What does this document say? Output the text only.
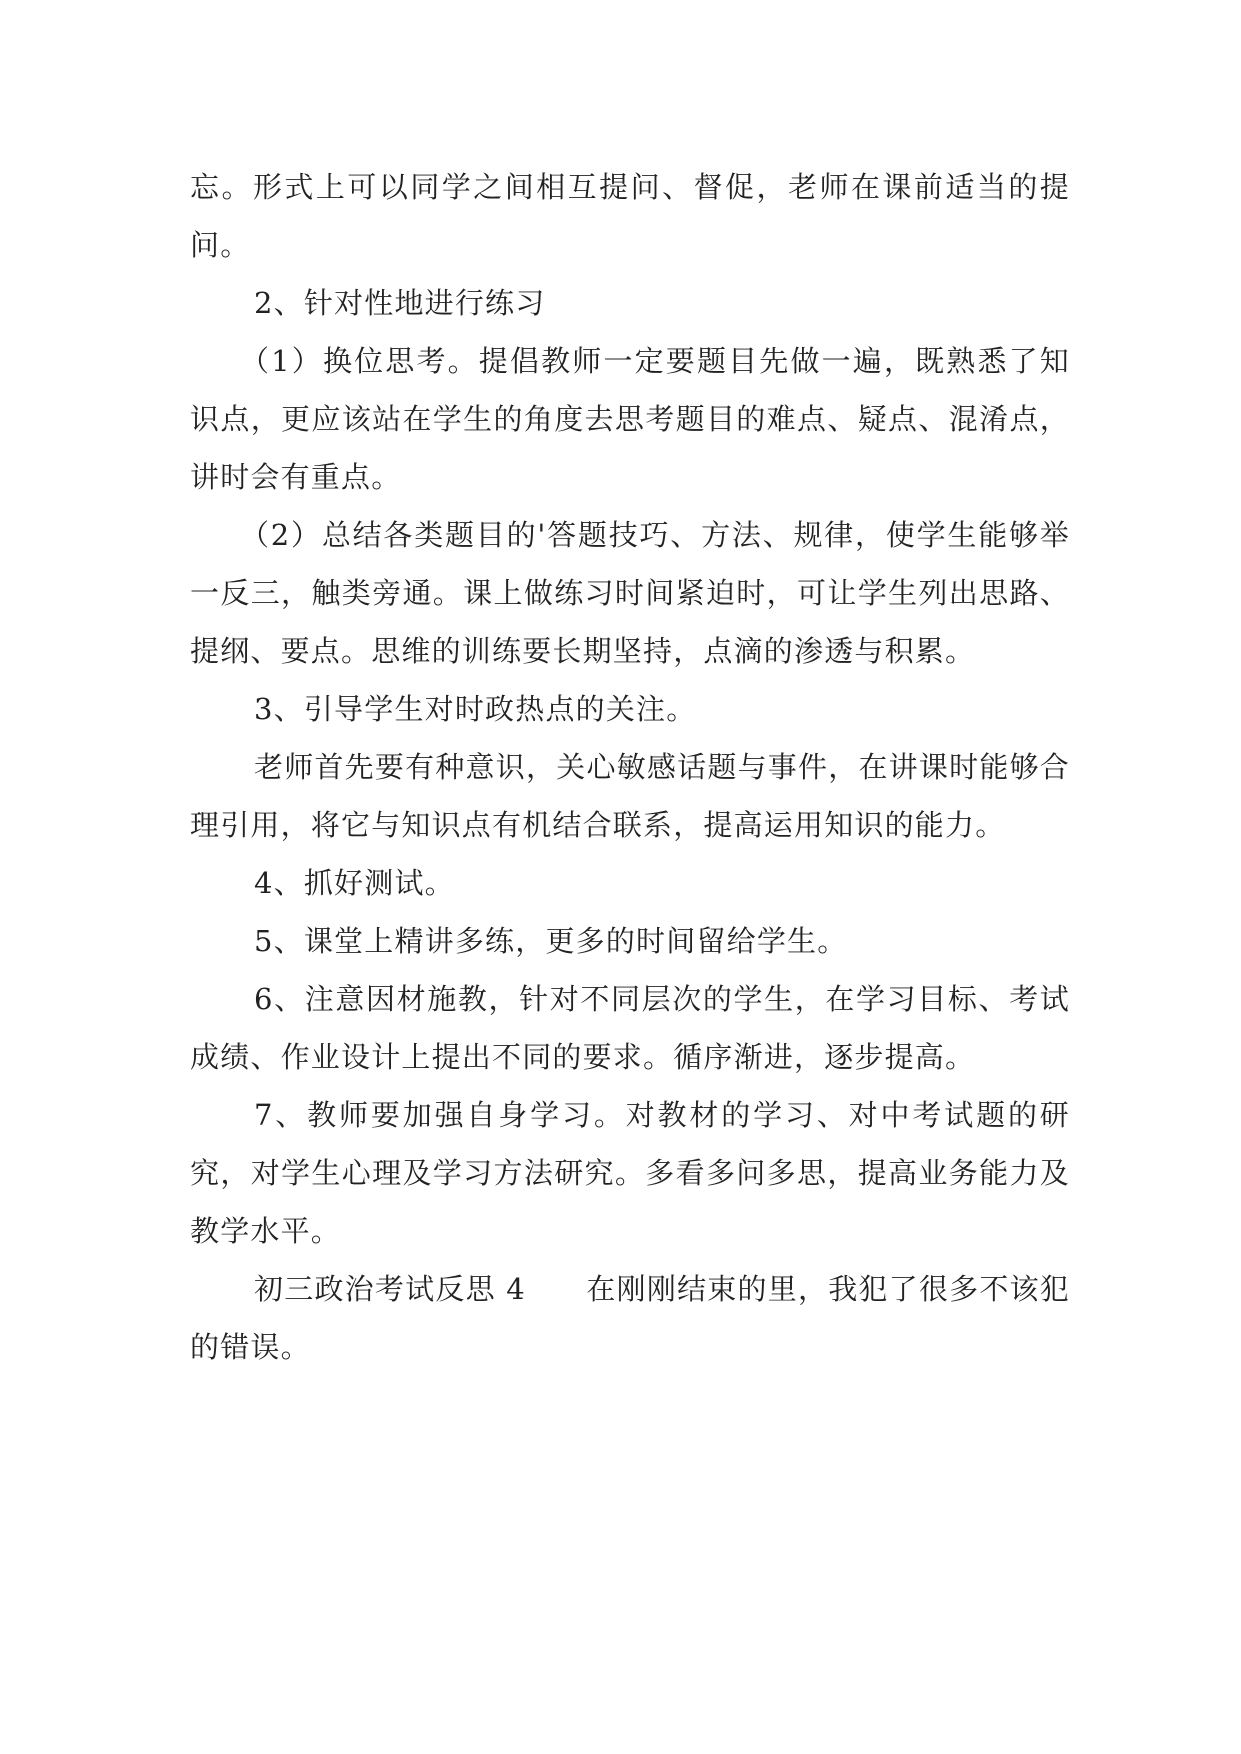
忘。形式上可以同学之间相互提问、督促，老师在课前适当的提问。

2、针对性地进行练习

（1）换位思考。提倡教师一定要题目先做一遍，既熟悉了知识点，更应该站在学生的角度去思考题目的难点、疑点、混淆点，讲时会有重点。

（2）总结各类题目的'答题技巧、方法、规律，使学生能够举一反三，触类旁通。课上做练习时间紧迫时，可让学生列出思路、提纲、要点。思维的训练要长期坚持，点滴的渗透与积累。

3、引导学生对时政热点的关注。

老师首先要有种意识，关心敏感话题与事件，在讲课时能够合理引用，将它与知识点有机结合联系，提高运用知识的能力。

4、抓好测试。

5、课堂上精讲多练，更多的时间留给学生。

6、注意因材施教，针对不同层次的学生，在学习目标、考试成绩、作业设计上提出不同的要求。循序渐进，逐步提高。

7、教师要加强自身学习。对教材的学习、对中考试题的研究，对学生心理及学习方法研究。多看多问多思，提高业务能力及教学水平。

初三政治考试反思 4　　在刚刚结束的里，我犯了很多不该犯的错误。
